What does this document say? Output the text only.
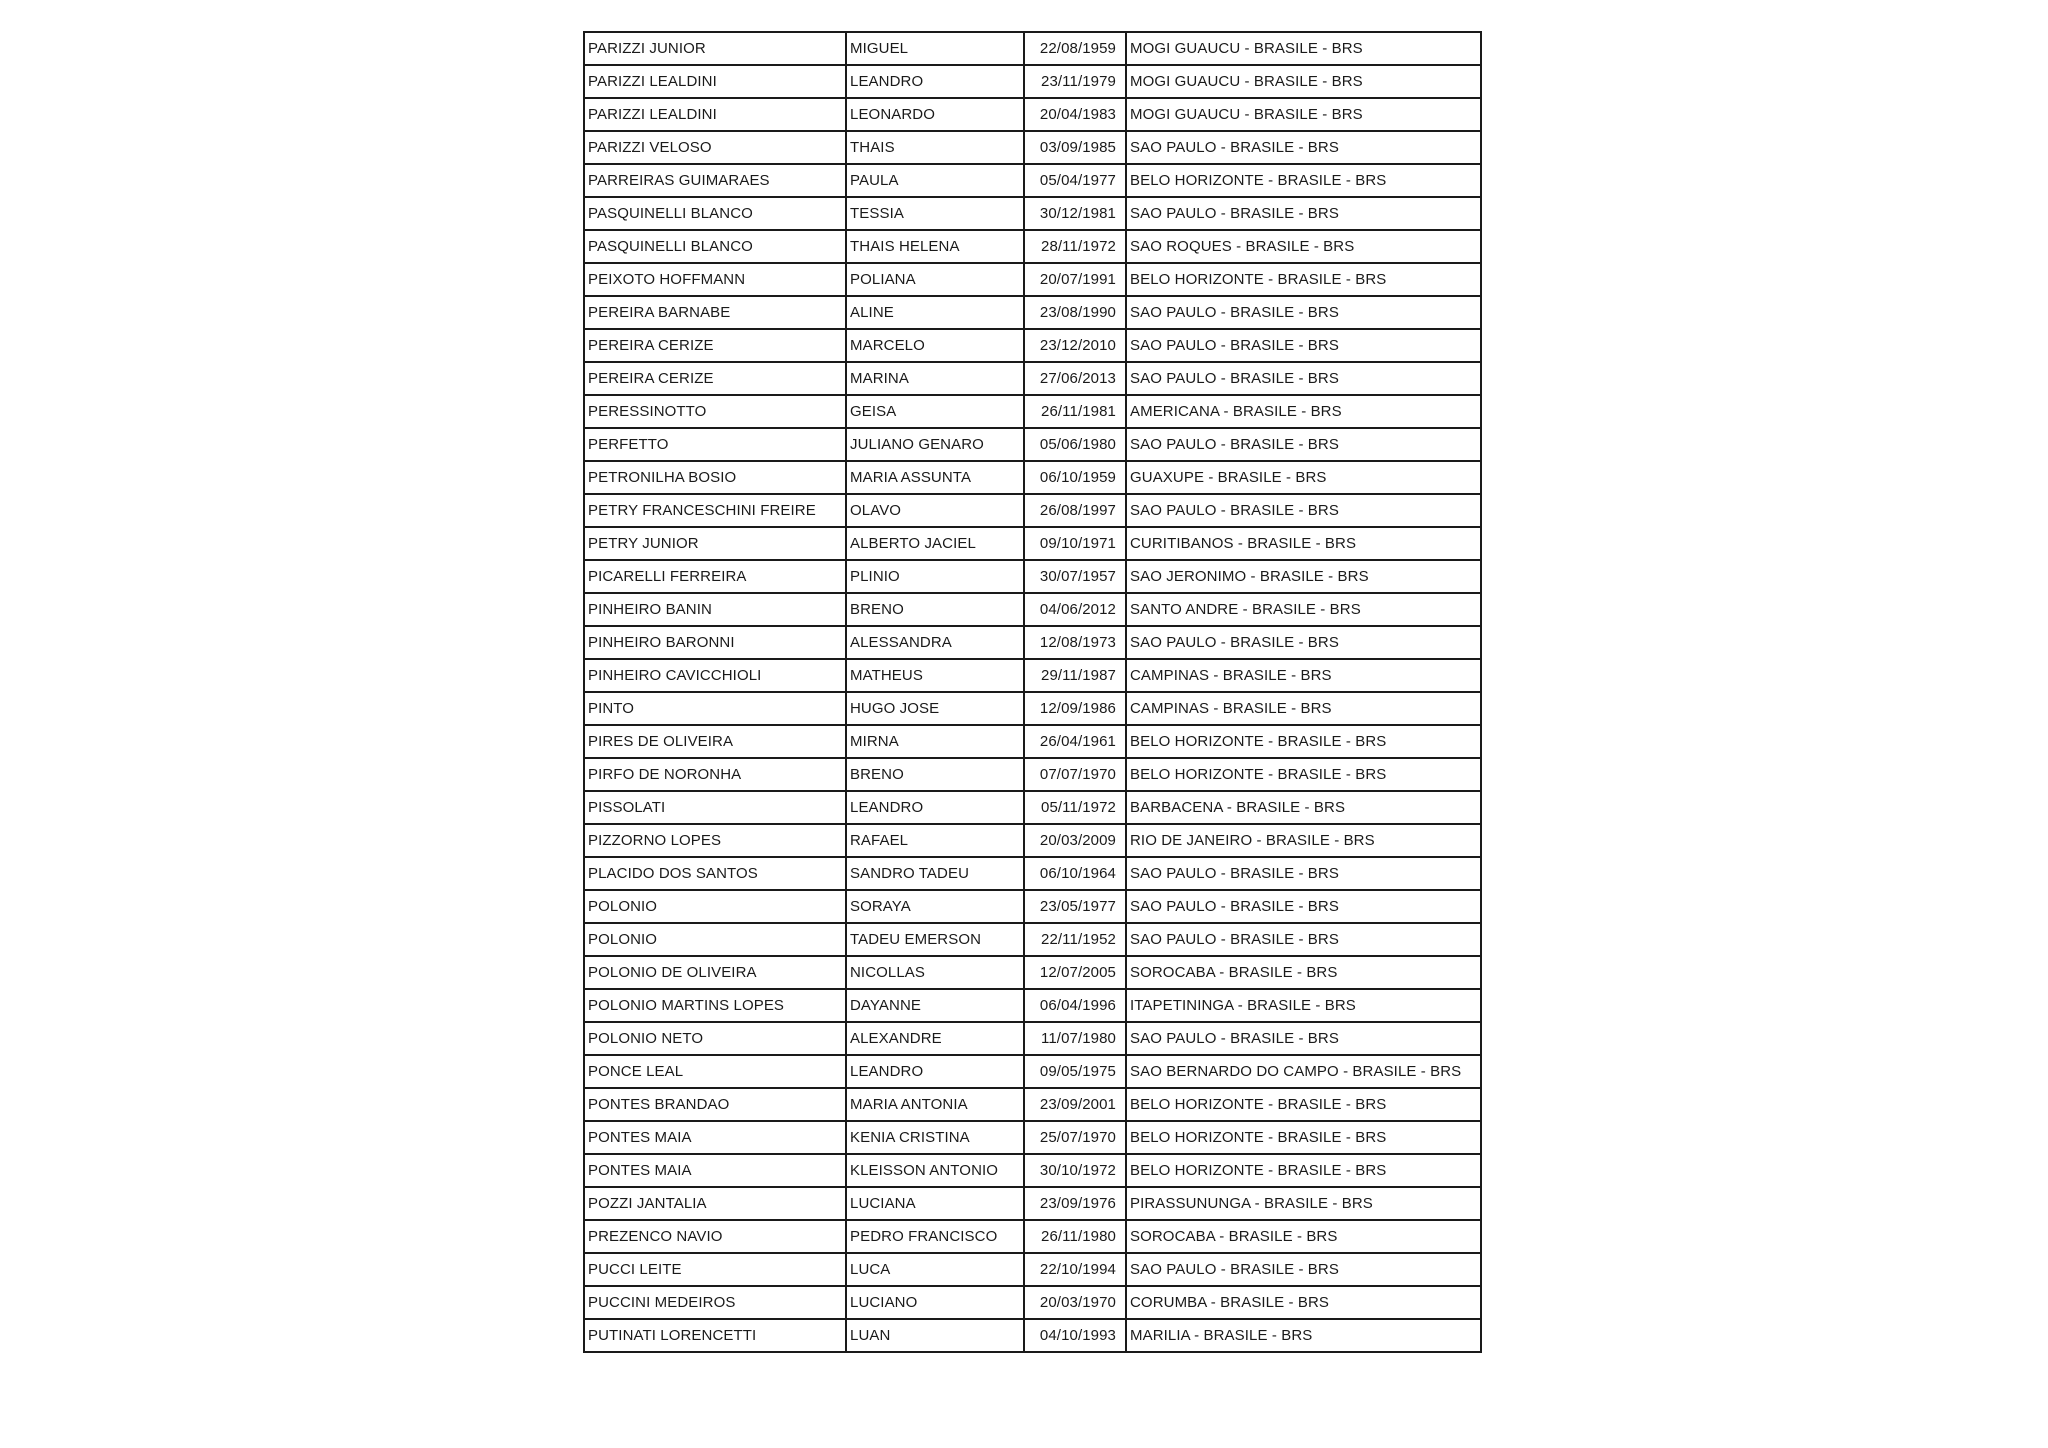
PARIZZI JUNIOR	MIGUEL	22/08/1959	MOGI GUAUCU - BRASILE - BRS
PARIZZI LEALDINI	LEANDRO	23/11/1979	MOGI GUAUCU - BRASILE - BRS
PARIZZI LEALDINI	LEONARDO	20/04/1983	MOGI GUAUCU - BRASILE - BRS
PARIZZI VELOSO	THAIS	03/09/1985	SAO PAULO - BRASILE - BRS
PARREIRAS GUIMARAES	PAULA	05/04/1977	BELO HORIZONTE - BRASILE - BRS
PASQUINELLI BLANCO	TESSIA	30/12/1981	SAO PAULO - BRASILE - BRS
PASQUINELLI BLANCO	THAIS HELENA	28/11/1972	SAO ROQUES - BRASILE - BRS
PEIXOTO HOFFMANN	POLIANA	20/07/1991	BELO HORIZONTE - BRASILE - BRS
PEREIRA BARNABE	ALINE	23/08/1990	SAO PAULO - BRASILE - BRS
PEREIRA CERIZE	MARCELO	23/12/2010	SAO PAULO - BRASILE - BRS
PEREIRA CERIZE	MARINA	27/06/2013	SAO PAULO - BRASILE - BRS
PERESSINOTTO	GEISA	26/11/1981	AMERICANA - BRASILE - BRS
PERFETTO	JULIANO GENARO	05/06/1980	SAO PAULO - BRASILE - BRS
PETRONILHA BOSIO	MARIA ASSUNTA	06/10/1959	GUAXUPE - BRASILE - BRS
PETRY FRANCESCHINI FREIRE	OLAVO	26/08/1997	SAO PAULO - BRASILE - BRS
PETRY JUNIOR	ALBERTO JACIEL	09/10/1971	CURITIBANOS - BRASILE - BRS
PICARELLI FERREIRA	PLINIO	30/07/1957	SAO JERONIMO - BRASILE - BRS
PINHEIRO BANIN	BRENO	04/06/2012	SANTO ANDRE - BRASILE - BRS
PINHEIRO BARONNI	ALESSANDRA	12/08/1973	SAO PAULO - BRASILE - BRS
PINHEIRO CAVICCHIOLI	MATHEUS	29/11/1987	CAMPINAS - BRASILE - BRS
PINTO	HUGO JOSE	12/09/1986	CAMPINAS - BRASILE - BRS
PIRES DE OLIVEIRA	MIRNA	26/04/1961	BELO HORIZONTE - BRASILE - BRS
PIRFO DE NORONHA	BRENO	07/07/1970	BELO HORIZONTE - BRASILE - BRS
PISSOLATI	LEANDRO	05/11/1972	BARBACENA - BRASILE - BRS
PIZZORNO LOPES	RAFAEL	20/03/2009	RIO DE JANEIRO - BRASILE - BRS
PLACIDO DOS SANTOS	SANDRO TADEU	06/10/1964	SAO PAULO - BRASILE - BRS
POLONIO	SORAYA	23/05/1977	SAO PAULO - BRASILE - BRS
POLONIO	TADEU EMERSON	22/11/1952	SAO PAULO - BRASILE - BRS
POLONIO DE OLIVEIRA	NICOLLAS	12/07/2005	SOROCABA - BRASILE - BRS
POLONIO MARTINS LOPES	DAYANNE	06/04/1996	ITAPETININGA - BRASILE - BRS
POLONIO NETO	ALEXANDRE	11/07/1980	SAO PAULO - BRASILE - BRS
PONCE LEAL	LEANDRO	09/05/1975	SAO BERNARDO DO CAMPO - BRASILE - BRS
PONTES BRANDAO	MARIA ANTONIA	23/09/2001	BELO HORIZONTE - BRASILE - BRS
PONTES MAIA	KENIA CRISTINA	25/07/1970	BELO HORIZONTE - BRASILE - BRS
PONTES MAIA	KLEISSON ANTONIO	30/10/1972	BELO HORIZONTE - BRASILE - BRS
POZZI JANTALIA	LUCIANA	23/09/1976	PIRASSUNUNGA - BRASILE - BRS
PREZENCO NAVIO	PEDRO FRANCISCO	26/11/1980	SOROCABA - BRASILE - BRS
PUCCI LEITE	LUCA	22/10/1994	SAO PAULO - BRASILE - BRS
PUCCINI MEDEIROS	LUCIANO	20/03/1970	CORUMBA - BRASILE - BRS
PUTINATI LORENCETTI	LUAN	04/10/1993	MARILIA - BRASILE - BRS
